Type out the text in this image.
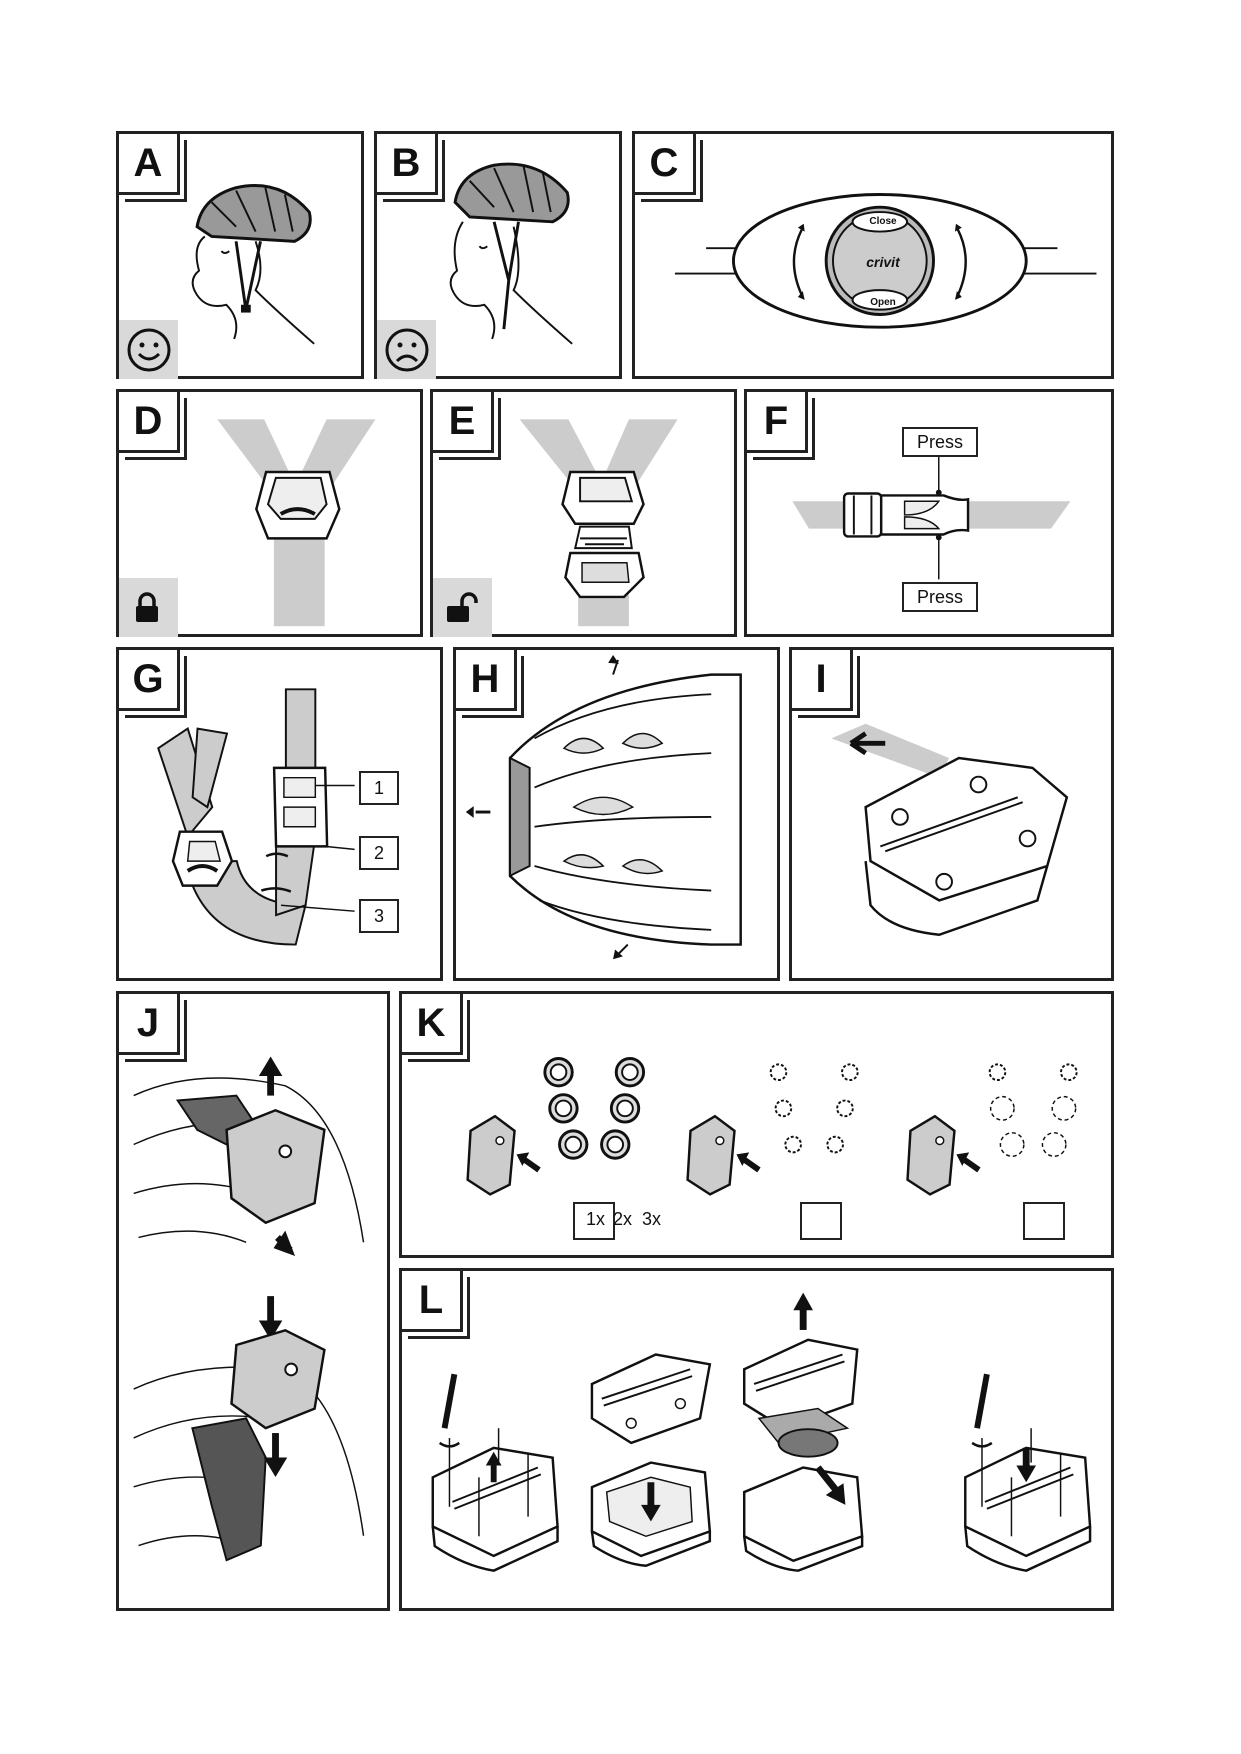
A	B	C
Close
crivit
Open
D	E	F	Press
Press
G
1
2
3
H	I
J	K
1x 2x 3x
L
